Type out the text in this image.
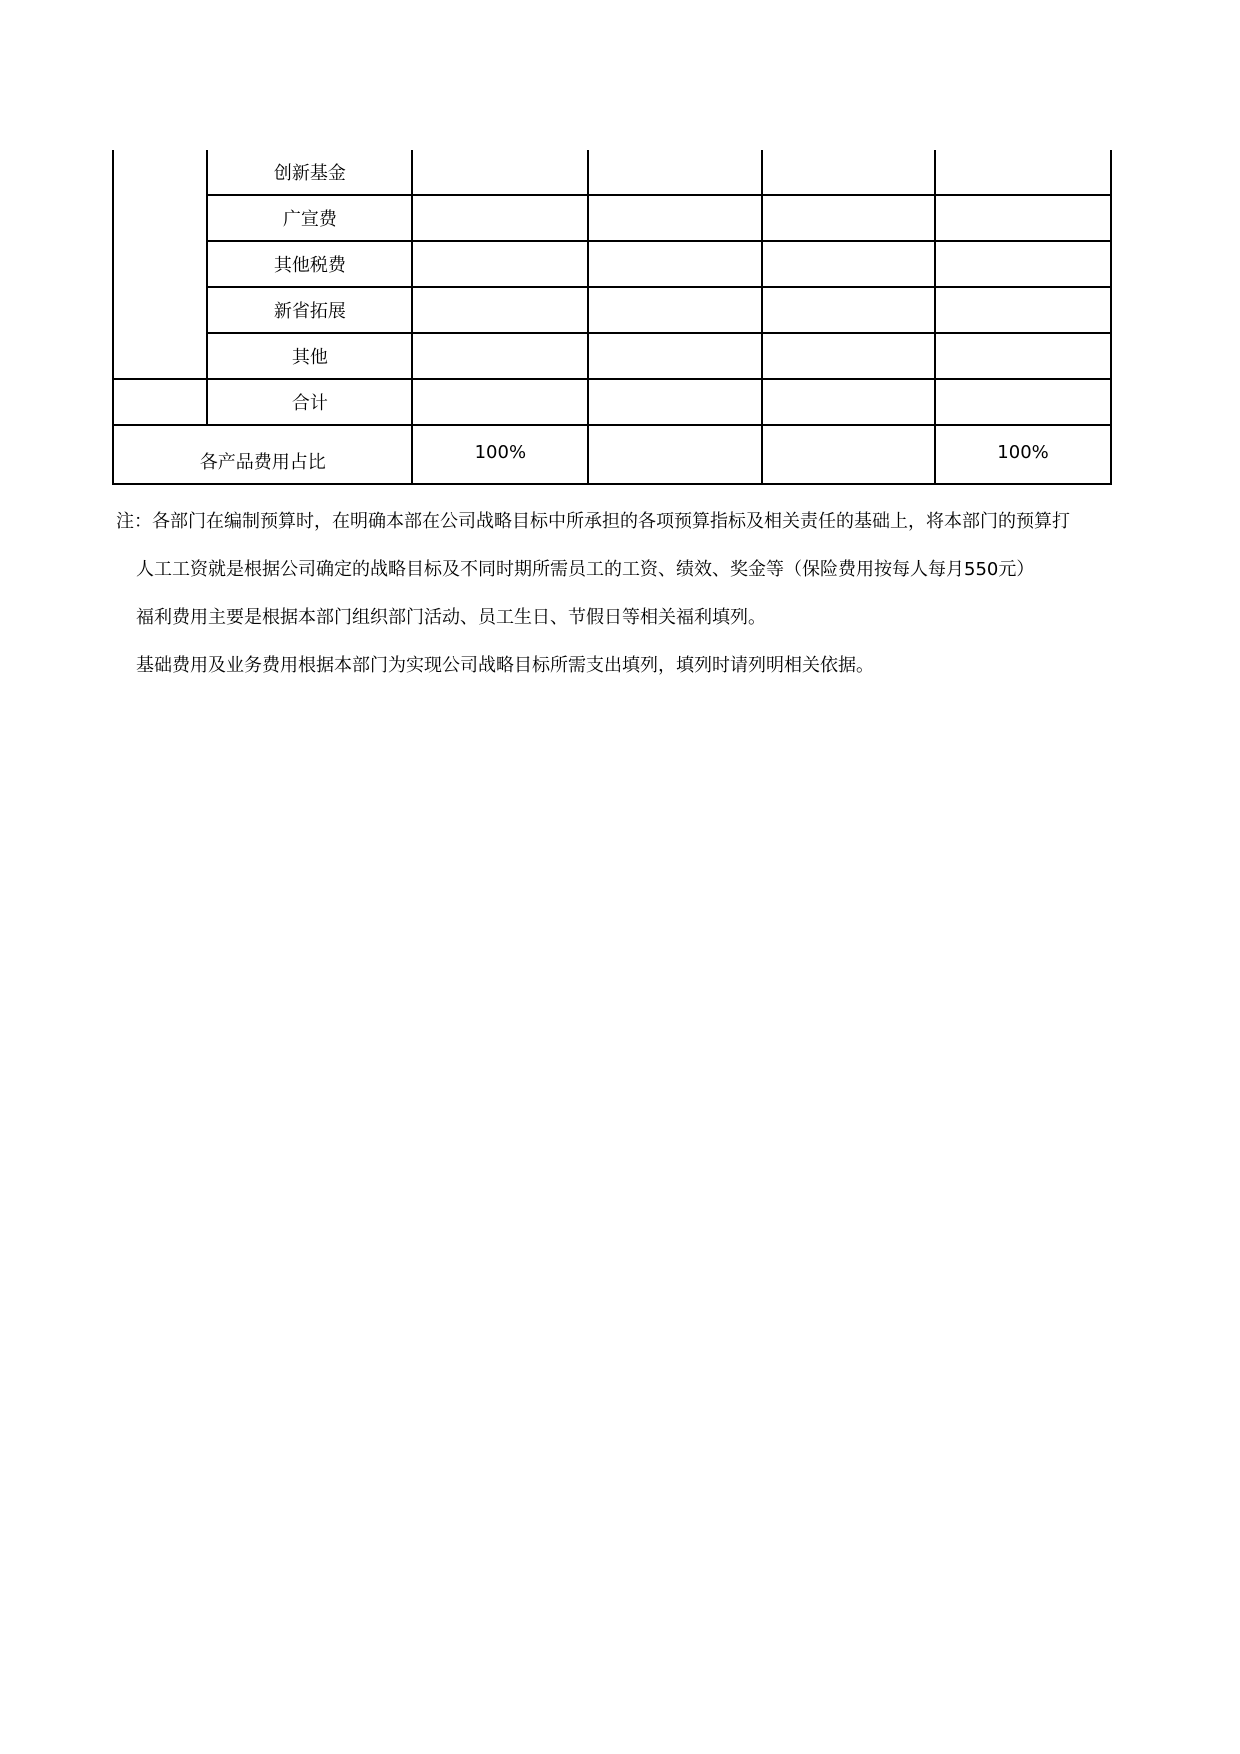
	创新基金				
	广宣费				
	其他税费				
	新省拓展				
	其他				
	合计				
各产品费用占比		100%			100%

注：各部门在编制预算时，在明确本部在公司战略目标中所承担的各项预算指标及相关责任的基础上，将本部门的预算打

人工工资就是根据公司确定的战略目标及不同时期所需员工的工资、绩效、奖金等（保险费用按每人每月550元）

福利费用主要是根据本部门组织部门活动、员工生日、节假日等相关福利填列。

基础费用及业务费用根据本部门为实现公司战略目标所需支出填列，填列时请列明相关依据。
